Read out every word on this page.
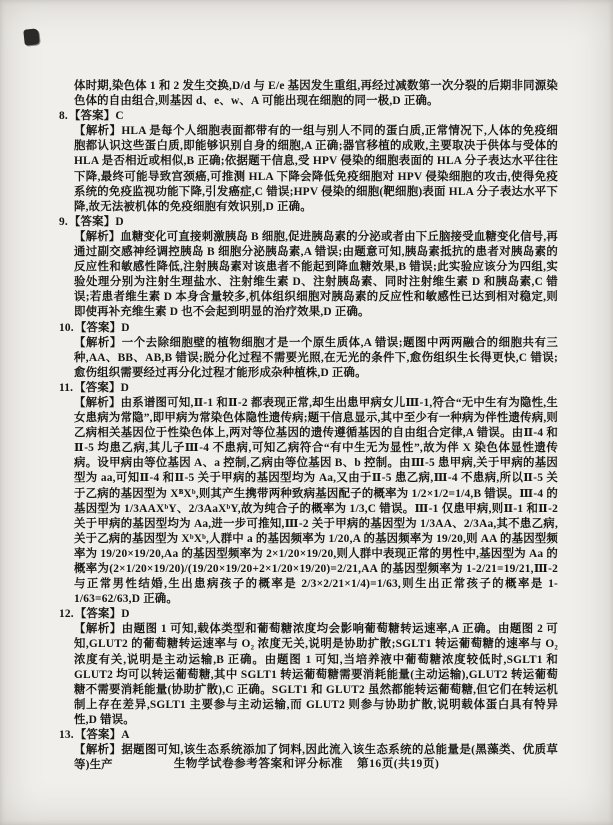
体时期,染色体 1 和 2 发生交换,D/d 与 E/e 基因发生重组,再经过减数第一次分裂的后期非同源染色体的自由组合,则基因 d、e、w、A 可能出现在细胞的同一极,D 正确。

8.【答案】C

【解析】HLA 是每个人细胞表面都带有的一组与别人不同的蛋白质,正常情况下,人体的免疫细胞都认识这些蛋白质,即能够识别自身的细胞,A 正确;器官移植的成败,主要取决于供体与受体的 HLA 是否相近或相似,B 正确;依据题干信息,受 HPV 侵染的细胞表面的 HLA 分子表达水平往往下降,最终可能导致宫颈癌,可推测 HLA 下降会降低免疫细胞对 HPV 侵染细胞的攻击,使得免疫系统的免疫监视功能下降,引发癌症,C 错误;HPV 侵染的细胞(靶细胞)表面 HLA 分子表达水平下降,故无法被机体的免疫细胞有效识别,D 正确。

9.【答案】D

【解析】血糖变化可直接刺激胰岛 B 细胞,促进胰岛素的分泌或者由下丘脑接受血糖变化信号,再通过副交感神经调控胰岛 B 细胞分泌胰岛素,A 错误;由题意可知,胰岛素抵抗的患者对胰岛素的反应性和敏感性降低,注射胰岛素对该患者不能起到降血糖效果,B 错误;此实验应该分为四组,实验处理分别为注射生理盐水、注射维生素 D、注射胰岛素、同时注射维生素 D 和胰岛素,C 错误;若患者维生素 D 本身含量较多,机体组织细胞对胰岛素的反应性和敏感性已达到相对稳定,则即使再补充维生素 D 也不会起到明显的治疗效果,D 正确。

10.【答案】D

【解析】一个去除细胞壁的植物细胞才是一个原生质体,A 错误;题图中两两融合的细胞共有三种,AA、BB、AB,B 错误;脱分化过程不需要光照,在无光的条件下,愈伤组织生长得更快,C 错误;愈伤组织需要经过再分化过程才能形成杂种植株,D 正确。

11.【答案】D

【解析】由系谱图可知,Ⅱ-1 和Ⅱ-2 都表现正常,却生出患甲病女儿Ⅲ-1,符合“无中生有为隐性,生女患病为常隐”,即甲病为常染色体隐性遗传病;题干信息显示,其中至少有一种病为伴性遗传病,则乙病相关基因位于性染色体上,两对等位基因的遗传遵循基因的自由组合定律,A 错误。由Ⅱ-4 和Ⅱ-5 均患乙病,其儿子Ⅲ-4 不患病,可知乙病符合“有中生无为显性”,故为伴 X 染色体显性遗传病。设甲病由等位基因 A、a 控制,乙病由等位基因 B、b 控制。由Ⅲ-5 患甲病,关于甲病的基因型为 aa,可知Ⅱ-4 和Ⅱ-5 关于甲病的基因型均为 Aa,又由于Ⅱ-5 患乙病,Ⅲ-4 不患病,所以Ⅱ-5 关于乙病的基因型为 XᴮXᵇ,则其产生携带两种致病基因配子的概率为 1/2×1/2=1/4,B 错误。Ⅲ-4 的基因型为 1/3AAXᵇY、2/3AaXᵇY,故为纯合子的概率为 1/3,C 错误。Ⅲ-1 仅患甲病,则Ⅱ-1 和Ⅱ-2 关于甲病的基因型均为 Aa,进一步可推知,Ⅲ-2 关于甲病的基因型为 1/3AA、2/3Aa,其不患乙病,关于乙病的基因型为 XᵇXᵇ,人群中 a 的基因频率为 1/20,A 的基因频率为 19/20,则 AA 的基因型频率为 19/20×19/20,Aa 的基因型频率为 2×1/20×19/20,则人群中表现正常的男性中,基因型为 Aa 的概率为(2×1/20×19/20)/(19/20×19/20+2×1/20×19/20)=2/21,AA 的基因型频率为 1-2/21=19/21,Ⅲ-2 与正常男性结婚,生出患病孩子的概率是 2/3×2/21×1/4)=1/63,则生出正常孩子的概率是 1-1/63=62/63,D 正确。

12.【答案】D

【解析】由题图 1 可知,载体类型和葡萄糖浓度均会影响葡萄糖转运速率,A 正确。由题图 2 可知,GLUT2 的葡萄糖转运速率与 O₂ 浓度无关,说明是协助扩散;SGLT1 转运葡萄糖的速率与 O₂ 浓度有关,说明是主动运输,B 正确。由题图 1 可知,当培养液中葡萄糖浓度较低时,SGLT1 和 GLUT2 均可以转运葡萄糖,其中 SGLT1 转运葡萄糖需要消耗能量(主动运输),GLUT2 转运葡萄糖不需要消耗能量(协助扩散),C 正确。SGLT1 和 GLUT2 虽然都能转运葡萄糖,但它们在转运机制上存在差异,SGLT1 主要参与主动运输,而 GLUT2 则参与协助扩散,说明载体蛋白具有特异性,D 错误。

13.【答案】A

【解析】据题图可知,该生态系统添加了饲料,因此流入该生态系统的总能量是(黑藻类、优质草等)生产	生物学试卷参考答案和评分标准 第16页(共19页)
